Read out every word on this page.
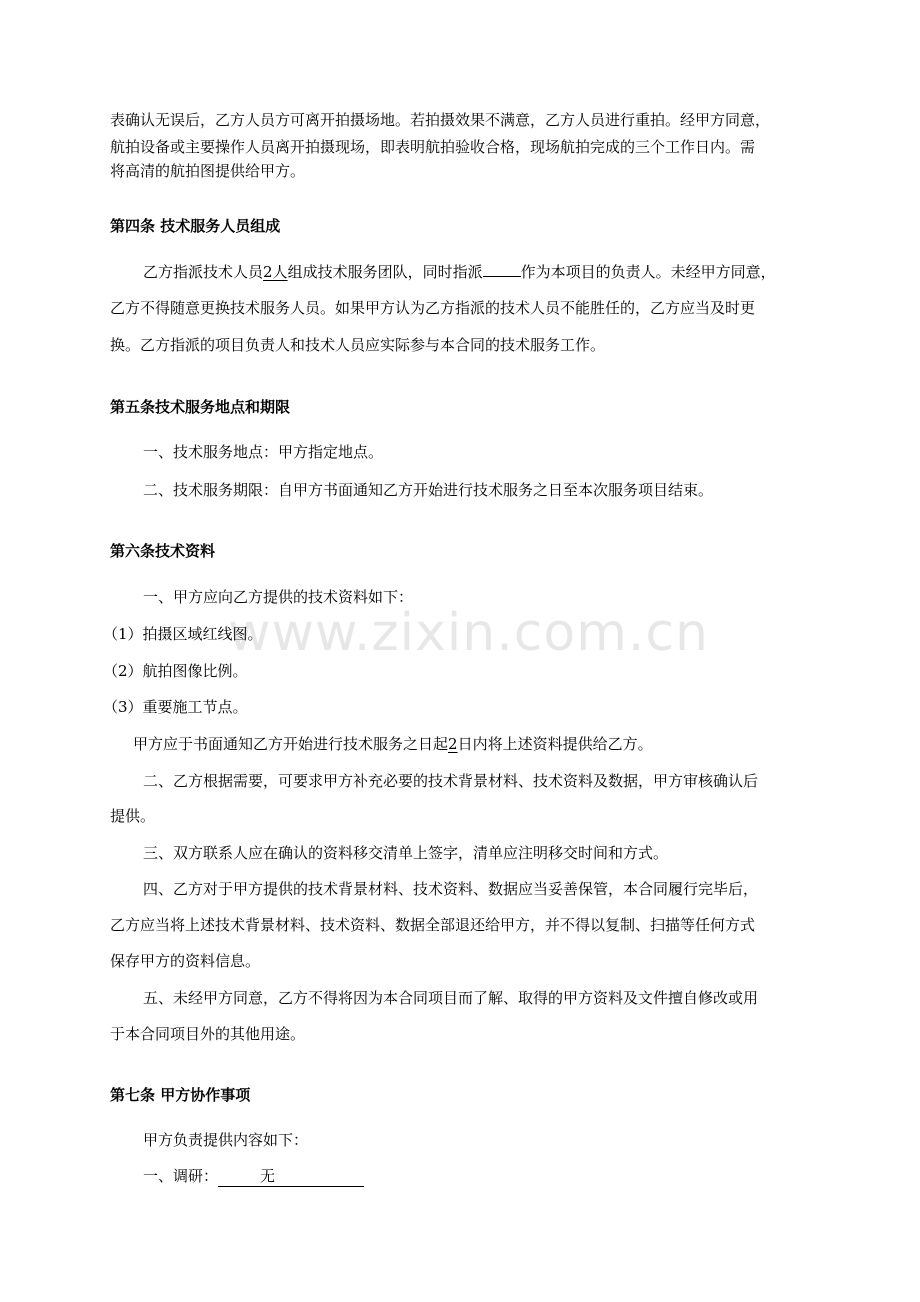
表确认无误后，乙方人员方可离开拍摄场地。若拍摄效果不满意，乙方人员进行重拍。经甲方同意，
航拍设备或主要操作人员离开拍摄现场，即表明航拍验收合格，现场航拍完成的三个工作日内。需
将高清的航拍图提供给甲方。
第四条 技术服务人员组成
乙方指派技术人员2人组成技术服务团队，同时指派	作为本项目的负责人。未经甲方同意，
乙方不得随意更换技术服务人员。如果甲方认为乙方指派的技术人员不能胜任的，乙方应当及时更
换。乙方指派的项目负责人和技术人员应实际参与本合同的技术服务工作。
第五条技术服务地点和期限
一、技术服务地点：甲方指定地点。
二、技术服务期限：自甲方书面通知乙方开始进行技术服务之日至本次服务项目结束。
第六条技术资料
一、甲方应向乙方提供的技术资料如下：
（1）拍摄区域红线图。
（2）航拍图像比例。
（3）重要施工节点。
甲方应于书面通知乙方开始进行技术服务之日起2日内将上述资料提供给乙方。
二、乙方根据需要，可要求甲方补充必要的技术背景材料、技术资料及数据，甲方审核确认后
提供。
三、双方联系人应在确认的资料移交清单上签字，清单应注明移交时间和方式。
四、乙方对于甲方提供的技术背景材料、技术资料、数据应当妥善保管，本合同履行完毕后，
乙方应当将上述技术背景材料、技术资料、数据全部退还给甲方，并不得以复制、扫描等任何方式
保存甲方的资料信息。
五、未经甲方同意，乙方不得将因为本合同项目而了解、取得的甲方资料及文件擅自修改或用
于本合同项目外的其他用途。
第七条 甲方协作事项
甲方负责提供内容如下：
一、调研：	无
www.zixin.com.cn
